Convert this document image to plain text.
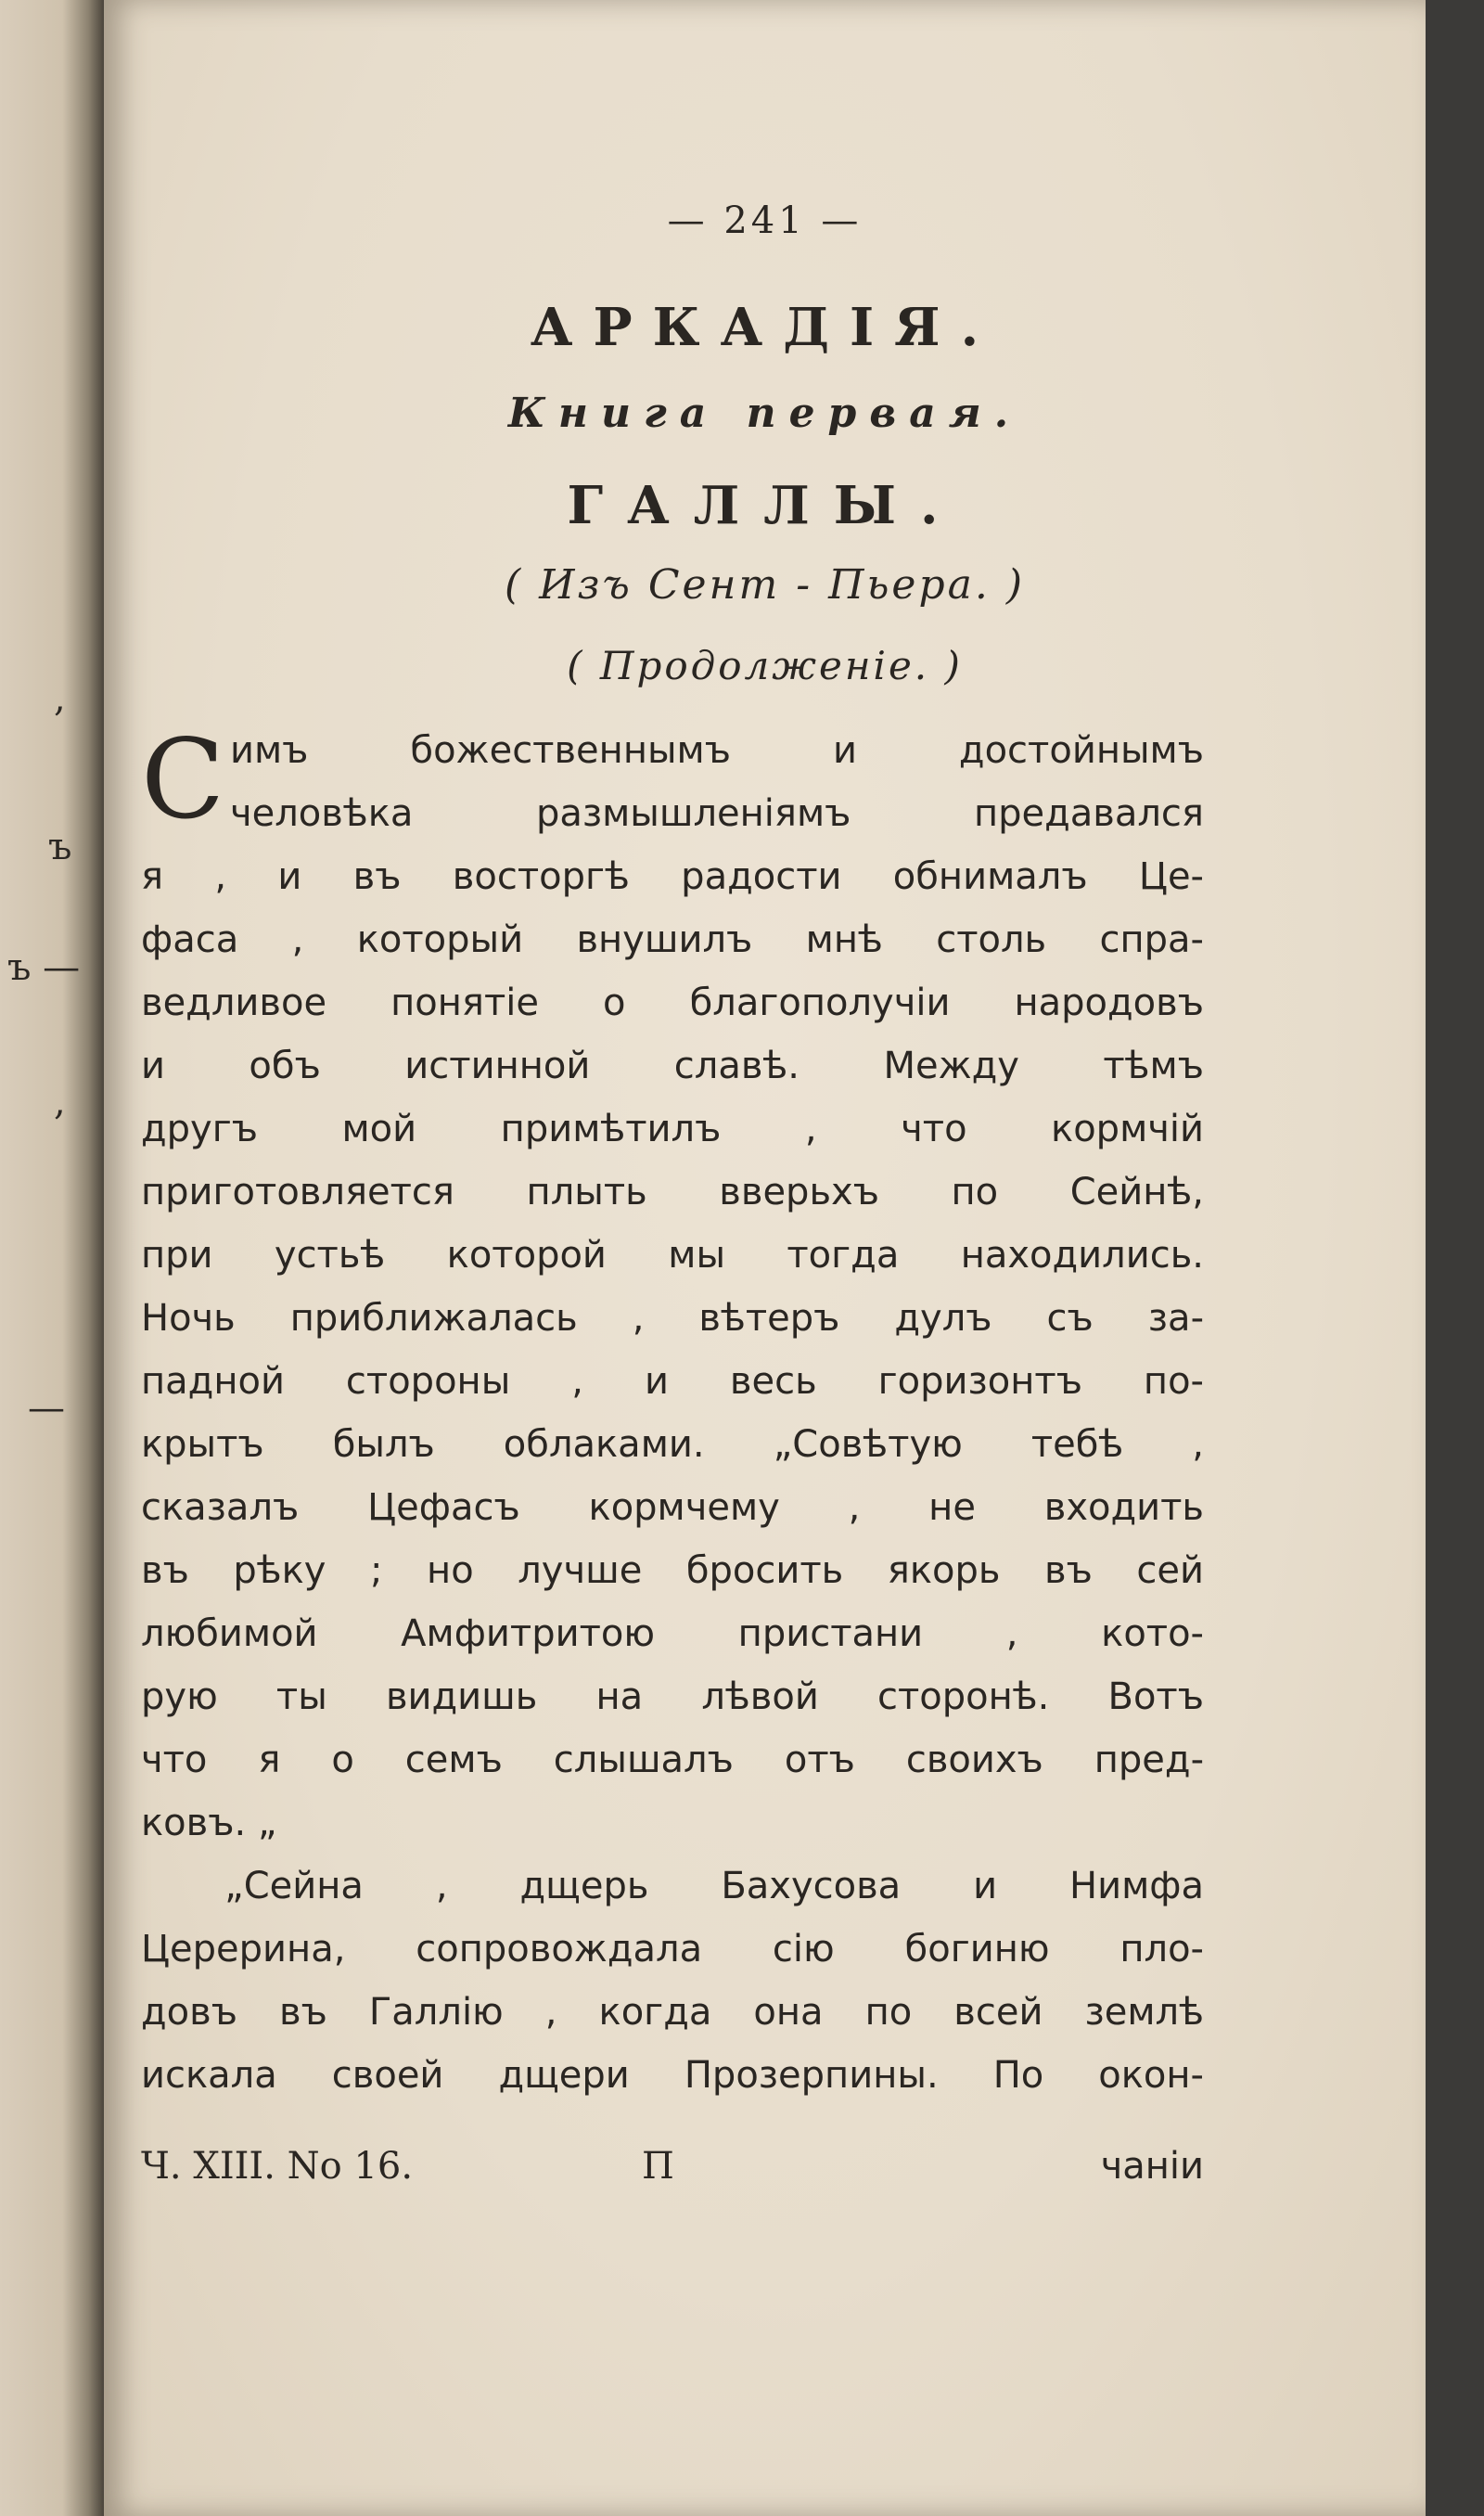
,
ъ
ъ —
,
—
— 241 —
АРКАДІЯ.
Книга первая.
ГАЛЛЫ.
( Изъ Сент - Пьера. )
( Продолженіе. )
С имъ божественнымъ и достойнымъ
человѣка размышленіямъ предавался
я , и въ восторгѣ радости обнималъ Це-
фаса , который внушилъ мнѣ столь спра-
ведливое понятіе о благополучіи народовъ
и объ истинной славѣ. Между тѣмъ
другъ мой примѣтилъ , что кормчій
приготовляется плыть вверьхъ по Сейнѣ,
при устьѣ которой мы тогда находились.
Ночь приближалась , вѣтеръ дулъ съ за-
падной стороны , и весь горизонтъ по-
крытъ былъ облаками. „Совѣтую тебѣ ,
сказалъ Цефасъ кормчему , не входить
въ рѣку ; но лучше бросить якорь въ сей
любимой Амфитритою пристани , кото-
рую ты видишь на лѣвой сторонѣ. Вотъ
что я о семъ слышалъ отъ своихъ пред-
ковъ. „
„Сейна , дщерь Бахусова и Нимфа
Церерина, сопровождала сію богиню пло-
довъ въ Галлію , когда она по всей землѣ
искала своей дщери Прозерпины. По окон-
Ч. XIII. No 16.	П	чаніи
